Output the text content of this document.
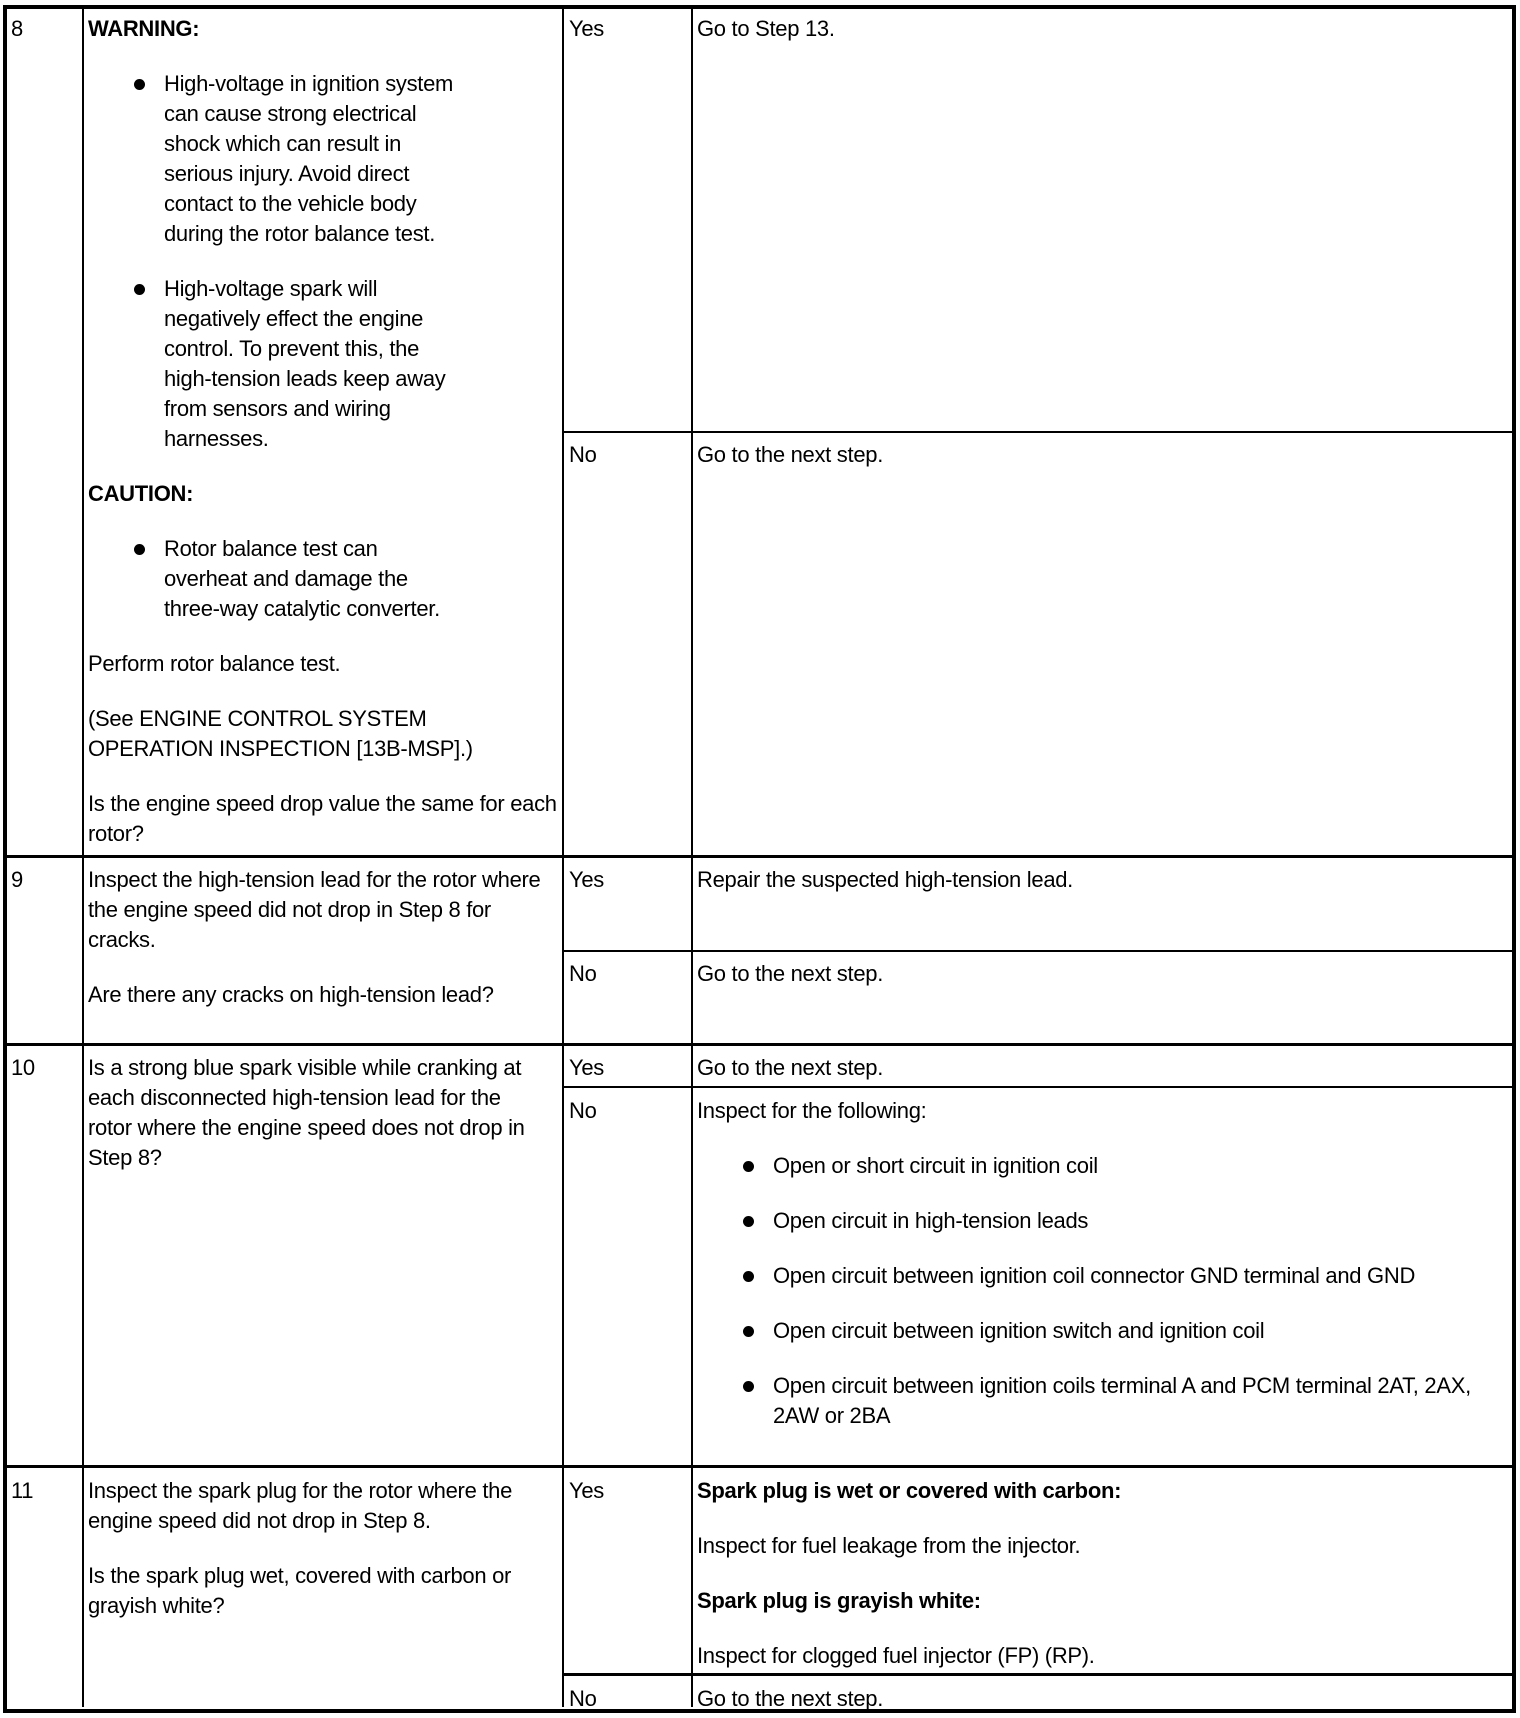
8	WARNING:

High-voltage in ignition system can cause strong electrical shock which can result in serious injury. Avoid direct contact to the vehicle body during the rotor balance test.
High-voltage spark will negatively effect the engine control. To prevent this, the high-tension leads keep away from sensors and wiring harnesses.

CAUTION:

Rotor balance test can overheat and damage the three-way catalytic converter.

Perform rotor balance test.

(See ENGINE CONTROL SYSTEM OPERATION INSPECTION [13B-MSP].)

Is the engine speed drop value the same for each rotor?

Yes	Go to Step 13.
No	Go to the next step.
9	Inspect the high-tension lead for the rotor where the engine speed did not drop in Step 8 for cracks.

Are there any cracks on high-tension lead?

Yes	Repair the suspected high-tension lead.
No	Go to the next step.
10 Is a strong blue spark visible while cranking at each disconnected high-tension lead for the rotor where the engine speed does not drop in Step 8?

Yes	Go to the next step.
No	Inspect for the following:

Open or short circuit in ignition coil
Open circuit in high-tension leads
Open circuit between ignition coil connector GND terminal and GND
Open circuit between ignition switch and ignition coil
Open circuit between ignition coils terminal A and PCM terminal 2AT, 2AX, 2AW or 2BA
11 Inspect the spark plug for the rotor where the engine speed did not drop in Step 8.

Is the spark plug wet, covered with carbon or grayish white?

Yes	Spark plug is wet or covered with carbon:

Inspect for fuel leakage from the injector.

Spark plug is grayish white:

Inspect for clogged fuel injector (FP) (RP).

No	Go to the next step.
